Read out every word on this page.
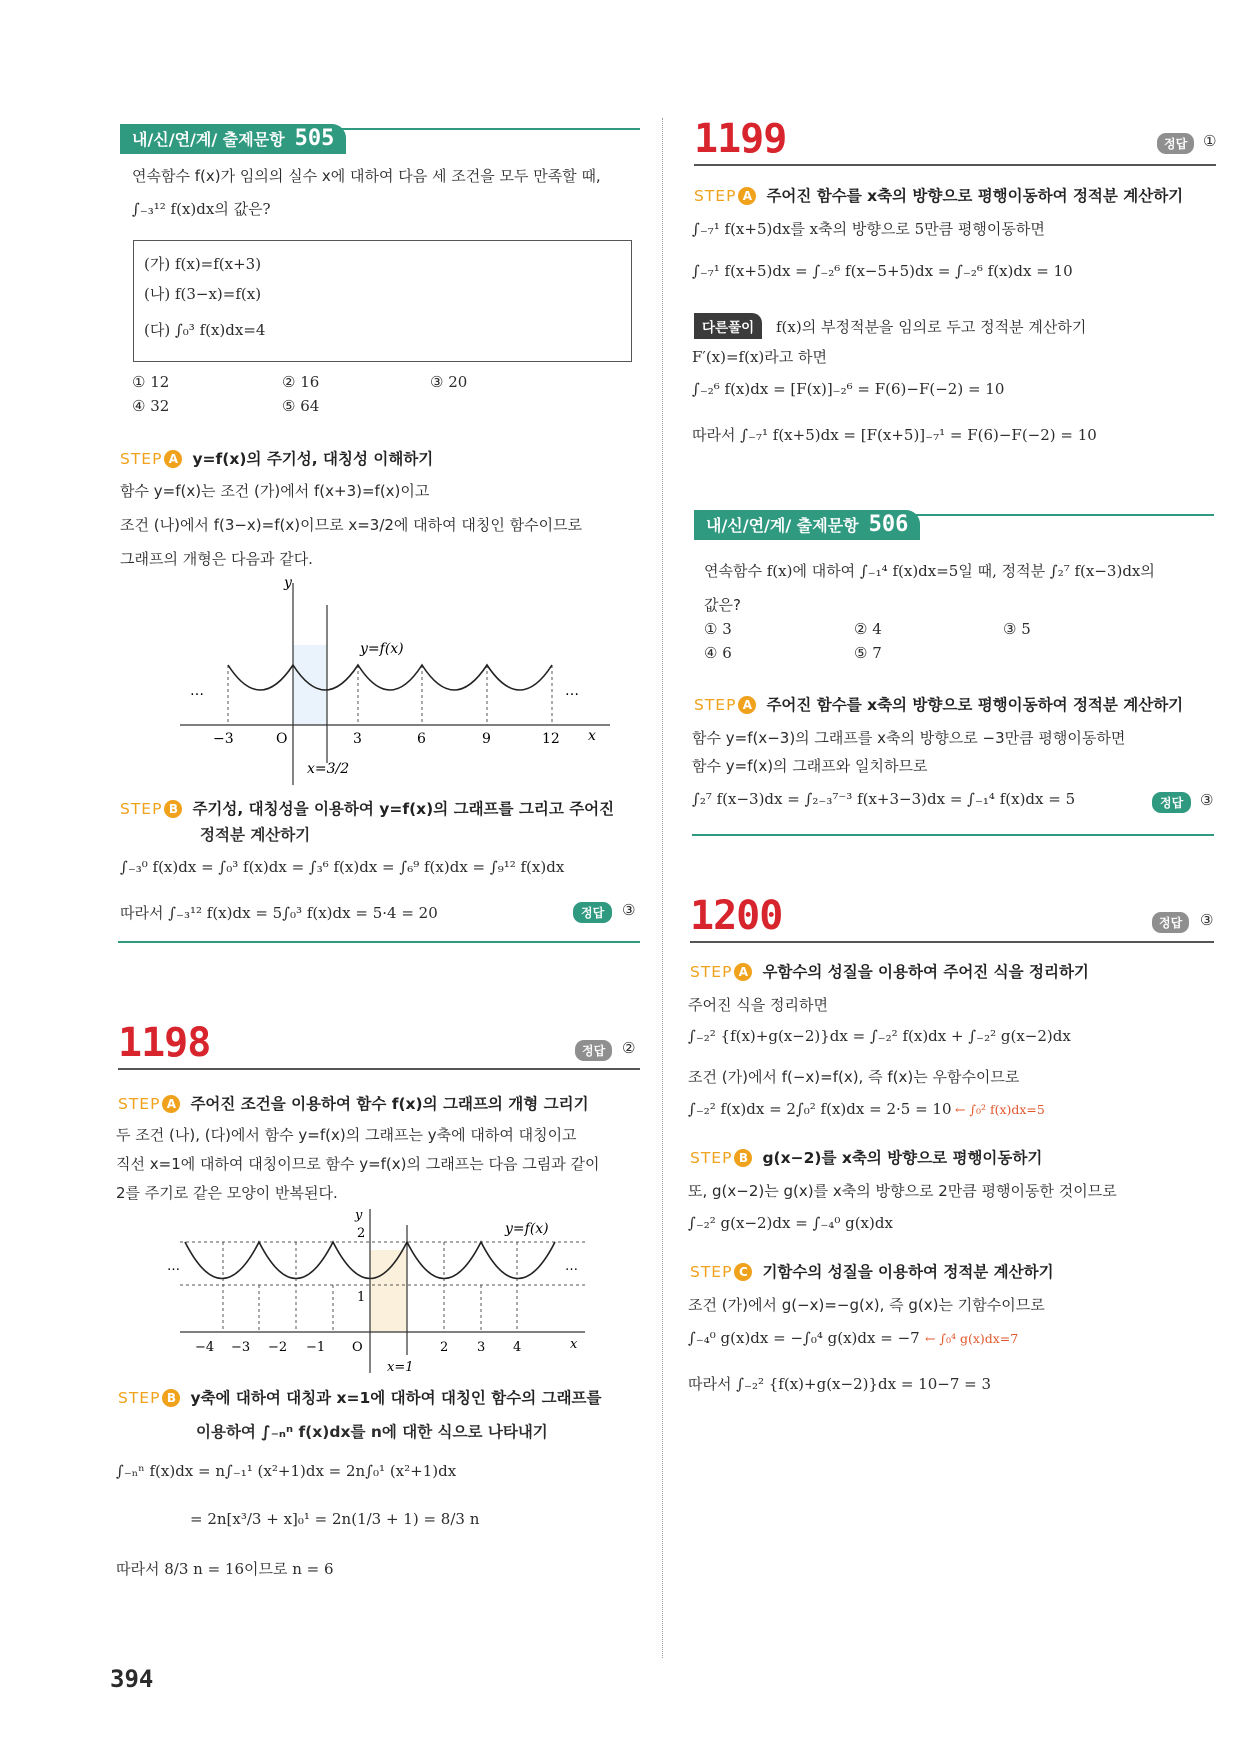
내/신/연/계/ 출제문항 505
연속함수 f(x)가 임의의 실수 x에 대하여 다음 세 조건을 모두 만족할 때,
∫₋₃¹² f(x)dx의 값은?
(가) f(x)=f(x+3)
(나) f(3−x)=f(x)
(다) ∫₀³ f(x)dx=4
① 12	② 16	③ 20
④ 32	⑤ 64
STEP A y=f(x)의 주기성, 대칭성 이해하기
함수 y=f(x)는 조건 (가)에서 f(x+3)=f(x)이고
조건 (나)에서 f(3−x)=f(x)이므로 x=3/2에 대하여 대칭인 함수이므로
그래프의 개형은 다음과 같다.
y
x
y=f(x)
…	…
−3	O	3	6	9	12
x=3/2
STEP B 주기성, 대칭성을 이용하여 y=f(x)의 그래프를 그리고 주어진
정적분 계산하기
∫₋₃⁰ f(x)dx = ∫₀³ f(x)dx = ∫₃⁶ f(x)dx = ∫₆⁹ f(x)dx = ∫₉¹² f(x)dx
따라서 ∫₋₃¹² f(x)dx = 5∫₀³ f(x)dx = 5·4 = 20	정답	③
1198	정답	②
STEP A 주어진 조건을 이용하여 함수 f(x)의 그래프의 개형 그리기
두 조건 (나), (다)에서 함수 y=f(x)의 그래프는 y축에 대하여 대칭이고
직선 x=1에 대하여 대칭이므로 함수 y=f(x)의 그래프는 다음 그림과 같이
2를 주기로 같은 모양이 반복된다.
y
x
y=f(x)
2
1
…	…
−4 −3 −2 −1 O	2 3 4
x=1
STEP B y축에 대하여 대칭과 x=1에 대하여 대칭인 함수의 그래프를
이용하여 ∫₋ₙⁿ f(x)dx를 n에 대한 식으로 나타내기
∫₋ₙⁿ f(x)dx = n∫₋₁¹ (x²+1)dx = 2n∫₀¹ (x²+1)dx
= 2n[x³/3 + x]₀¹ = 2n(1/3 + 1) = 8/3 n
따라서 8/3 n = 16이므로 n = 6
394
1199	정답	①
STEP A 주어진 함수를 x축의 방향으로 평행이동하여 정적분 계산하기
∫₋₇¹ f(x+5)dx를 x축의 방향으로 5만큼 평행이동하면
∫₋₇¹ f(x+5)dx = ∫₋₂⁶ f(x−5+5)dx = ∫₋₂⁶ f(x)dx = 10
다른풀이	f(x)의 부정적분을 임의로 두고 정적분 계산하기
F′(x)=f(x)라고 하면
∫₋₂⁶ f(x)dx = [F(x)]₋₂⁶ = F(6)−F(−2) = 10
따라서 ∫₋₇¹ f(x+5)dx = [F(x+5)]₋₇¹ = F(6)−F(−2) = 10
내/신/연/계/ 출제문항 506
연속함수 f(x)에 대하여 ∫₋₁⁴ f(x)dx=5일 때, 정적분 ∫₂⁷ f(x−3)dx의
값은?
① 3	② 4	③ 5
④ 6	⑤ 7
STEP A 주어진 함수를 x축의 방향으로 평행이동하여 정적분 계산하기
함수 y=f(x−3)의 그래프를 x축의 방향으로 −3만큼 평행이동하면
함수 y=f(x)의 그래프와 일치하므로
∫₂⁷ f(x−3)dx = ∫₂₋₃⁷⁻³ f(x+3−3)dx = ∫₋₁⁴ f(x)dx = 5	정답	③
1200	정답	③
STEP A 우함수의 성질을 이용하여 주어진 식을 정리하기
주어진 식을 정리하면
∫₋₂² {f(x)+g(x−2)}dx = ∫₋₂² f(x)dx + ∫₋₂² g(x−2)dx
조건 (가)에서 f(−x)=f(x), 즉 f(x)는 우함수이므로
∫₋₂² f(x)dx = 2∫₀² f(x)dx = 2·5 = 10 ← ∫₀² f(x)dx=5
STEP B g(x−2)를 x축의 방향으로 평행이동하기
또, g(x−2)는 g(x)를 x축의 방향으로 2만큼 평행이동한 것이므로
∫₋₂² g(x−2)dx = ∫₋₄⁰ g(x)dx
STEP C 기함수의 성질을 이용하여 정적분 계산하기
조건 (가)에서 g(−x)=−g(x), 즉 g(x)는 기함수이므로
∫₋₄⁰ g(x)dx = −∫₀⁴ g(x)dx = −7 ← ∫₀⁴ g(x)dx=7
따라서 ∫₋₂² {f(x)+g(x−2)}dx = 10−7 = 3
